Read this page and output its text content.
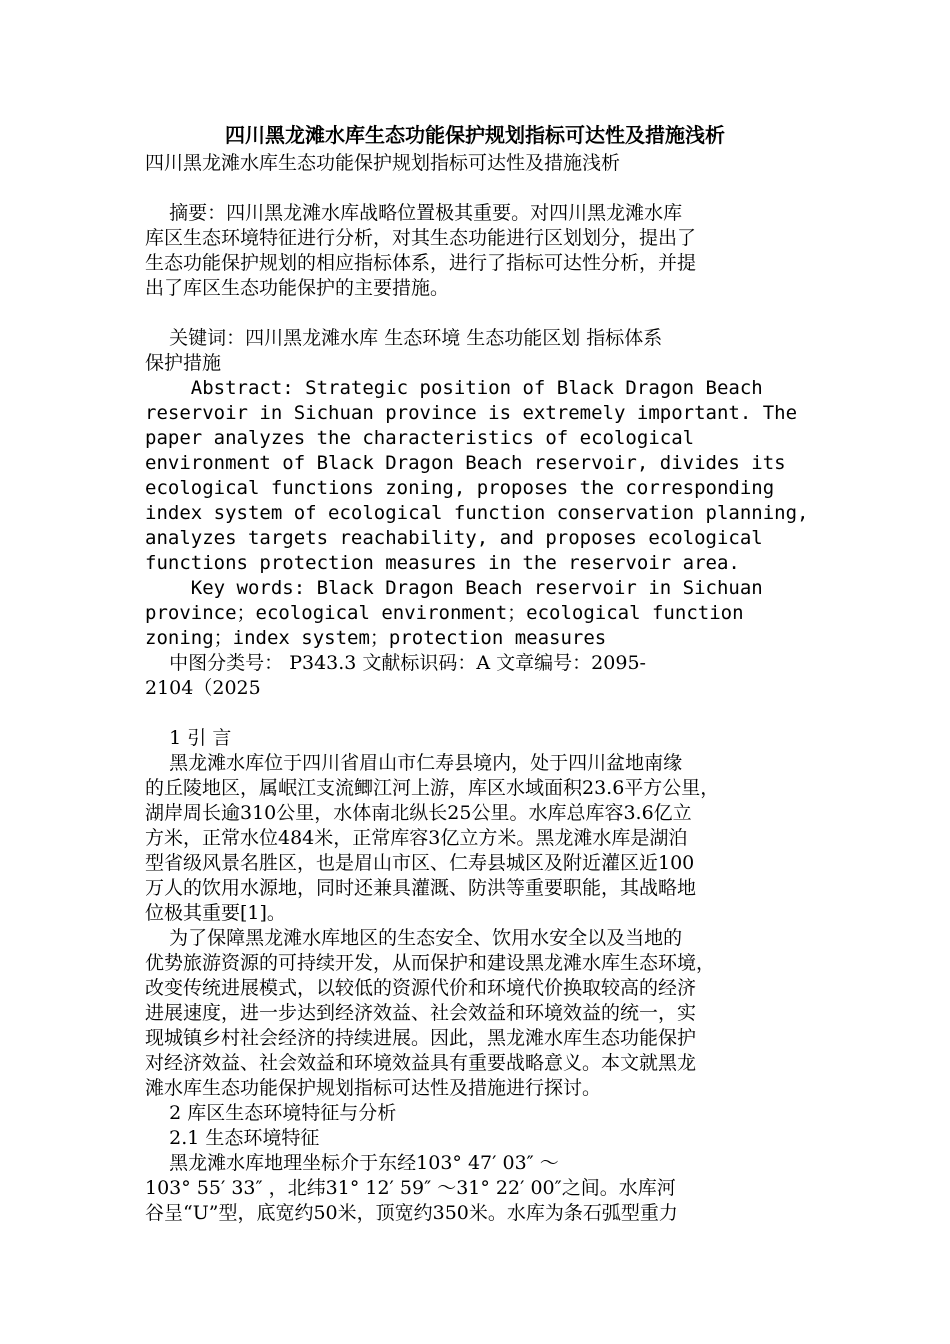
四川黑龙滩水库生态功能保护规划指标可达性及措施浅析
四川黑龙滩水库生态功能保护规划指标可达性及措施浅析
摘要：四川黑龙滩水库战略位置极其重要。对四川黑龙滩水库
库区生态环境特征进行分析，对其生态功能进行区划划分，提出了
生态功能保护规划的相应指标体系，进行了指标可达性分析，并提
出了库区生态功能保护的主要措施。
关键词：四川黑龙滩水库 生态环境 生态功能区划 指标体系
保护措施
Abstract: Strategic position of Black Dragon Beach
reservoir in Sichuan province is extremely important. The
paper analyzes the characteristics of ecological
environment of Black Dragon Beach reservoir, divides its
ecological functions zoning, proposes the corresponding
index system of ecological function conservation planning,
analyzes targets reachability, and proposes ecological
functions protection measures in the reservoir area.
Key words: Black Dragon Beach reservoir in Sichuan
province；ecological environment；ecological function
zoning；index system；protection measures
中图分类号： P343.3 文献标识码：A 文章编号：2095-
2104（2025
1 引 言
黑龙滩水库位于四川省眉山市仁寿县境内，处于四川盆地南缘
的丘陵地区，属岷江支流鲫江河上游，库区水域面积23.6平方公里，
湖岸周长逾310公里，水体南北纵长25公里。水库总库容3.6亿立
方米，正常水位484米，正常库容3亿立方米。黑龙滩水库是湖泊
型省级风景名胜区，也是眉山市区、仁寿县城区及附近灌区近100
万人的饮用水源地，同时还兼具灌溉、防洪等重要职能，其战略地
位极其重要[1]。
为了保障黑龙滩水库地区的生态安全、饮用水安全以及当地的
优势旅游资源的可持续开发，从而保护和建设黑龙滩水库生态环境，
改变传统进展模式，以较低的资源代价和环境代价换取较高的经济
进展速度，进一步达到经济效益、社会效益和环境效益的统一，实
现城镇乡村社会经济的持续进展。因此，黑龙滩水库生态功能保护
对经济效益、社会效益和环境效益具有重要战略意义。本文就黑龙
滩水库生态功能保护规划指标可达性及措施进行探讨。
2 库区生态环境特征与分析
2.1 生态环境特征
黑龙滩水库地理坐标介于东经103° 47′ 03″ ～
103° 55′ 33″ ，北纬31° 12′ 59″ ～31° 22′ 00″之间。水库河
谷呈“U”型，底宽约50米，顶宽约350米。水库为条石弧型重力
